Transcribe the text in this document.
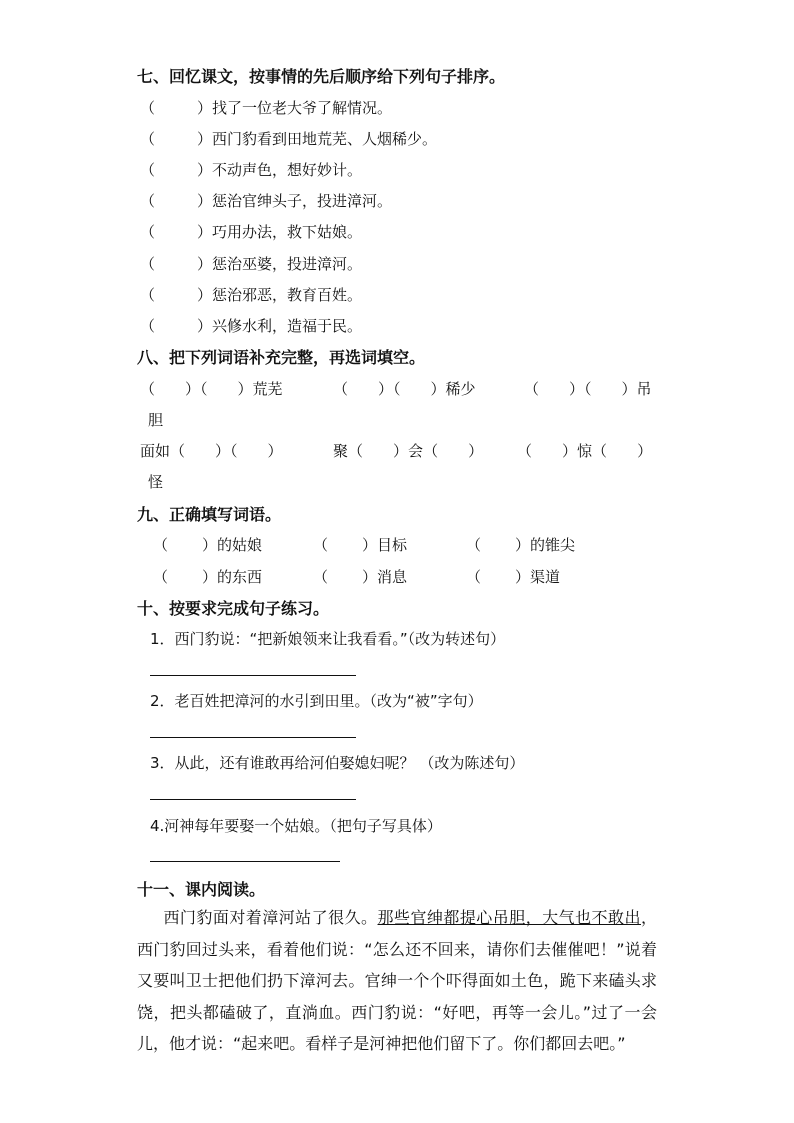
七、回忆课文，按事情的先后顺序给下列句子排序。
（	）找了一位老大爷了解情况。
（	）西门豹看到田地荒芜、人烟稀少。
（	）不动声色，想好妙计。
（	）惩治官绅头子，投进漳河。
（	）巧用办法，救下姑娘。
（	）惩治巫婆，投进漳河。
（	）惩治邪恶，教育百姓。
（	）兴修水利，造福于民。
八、把下列词语补充完整，再选词填空。
（ ）（ ）荒芜	（ ）（ ）稀少	（ ）（ ）吊
胆
面如（ ）（ ）	聚（ ）会（ ） （ ）惊（ ）
怪
九、正确填写词语。
（ ）的姑娘	（ ）目标	（ ）的锥尖
（ ）的东西	（ ）消息	（ ）渠道
十、按要求完成句子练习。
1．西门豹说：“把新娘领来让我看看。”（改为转述句）
2．老百姓把漳河的水引到田里。（改为“被”字句）
3．从此，还有谁敢再给河伯娶媳妇呢？ （改为陈述句）
4.河神每年要娶一个姑娘。（把句子写具体）
十一、课内阅读。
西门豹面对着漳河站了很久。那些官绅都提心吊胆，大气也不敢出，西门豹回过头来，看着他们说：“怎么还不回来，请你们去催催吧！”说着又要叫卫士把他们扔下漳河去。官绅一个个吓得面如土色，跪下来磕头求饶，把头都磕破了，直淌血。西门豹说：“好吧，再等一会儿。”过了一会儿，他才说：“起来吧。看样子是河神把他们留下了。你们都回去吧。”
